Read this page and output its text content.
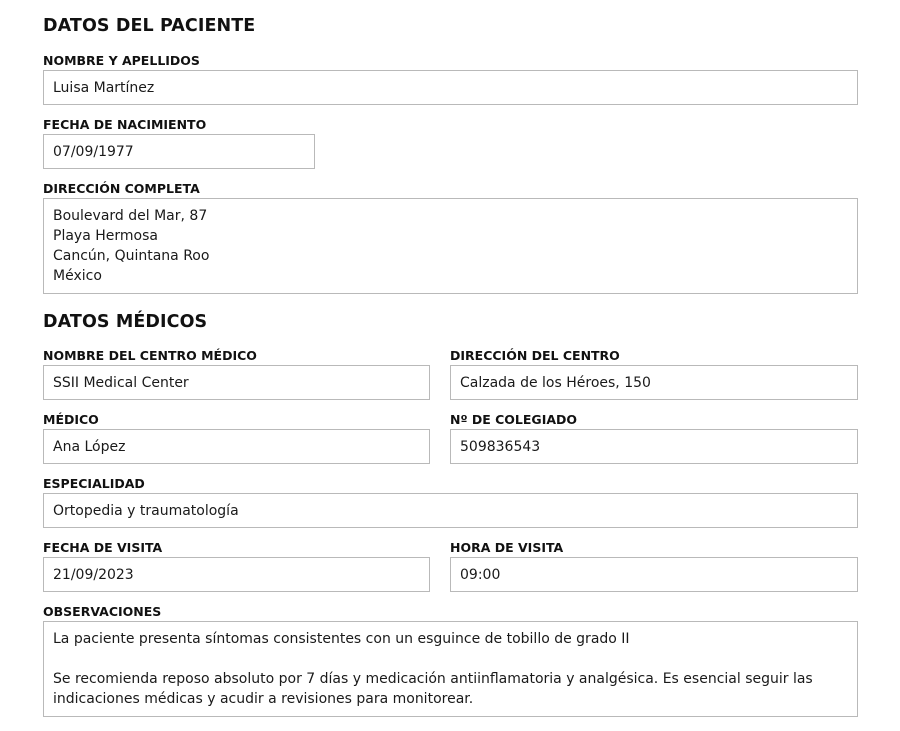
DATOS DEL PACIENTE
NOMBRE Y APELLIDOS
Luisa Martínez
FECHA DE NACIMIENTO
07/09/1977
DIRECCIÓN COMPLETA
Boulevard del Mar, 87
Playa Hermosa
Cancún, Quintana Roo
México
DATOS MÉDICOS
NOMBRE DEL CENTRO MÉDICO
SSII Medical Center
DIRECCIÓN DEL CENTRO
Calzada de los Héroes, 150
MÉDICO
Ana López
Nº DE COLEGIADO
509836543
ESPECIALIDAD
Ortopedia y traumatología
FECHA DE VISITA
21/09/2023
HORA DE VISITA
09:00
OBSERVACIONES
La paciente presenta síntomas consistentes con un esguince de tobillo de grado II
Se recomienda reposo absoluto por 7 días y medicación antiinflamatoria y analgésica. Es esencial seguir las
indicaciones médicas y acudir a revisiones para monitorear.
